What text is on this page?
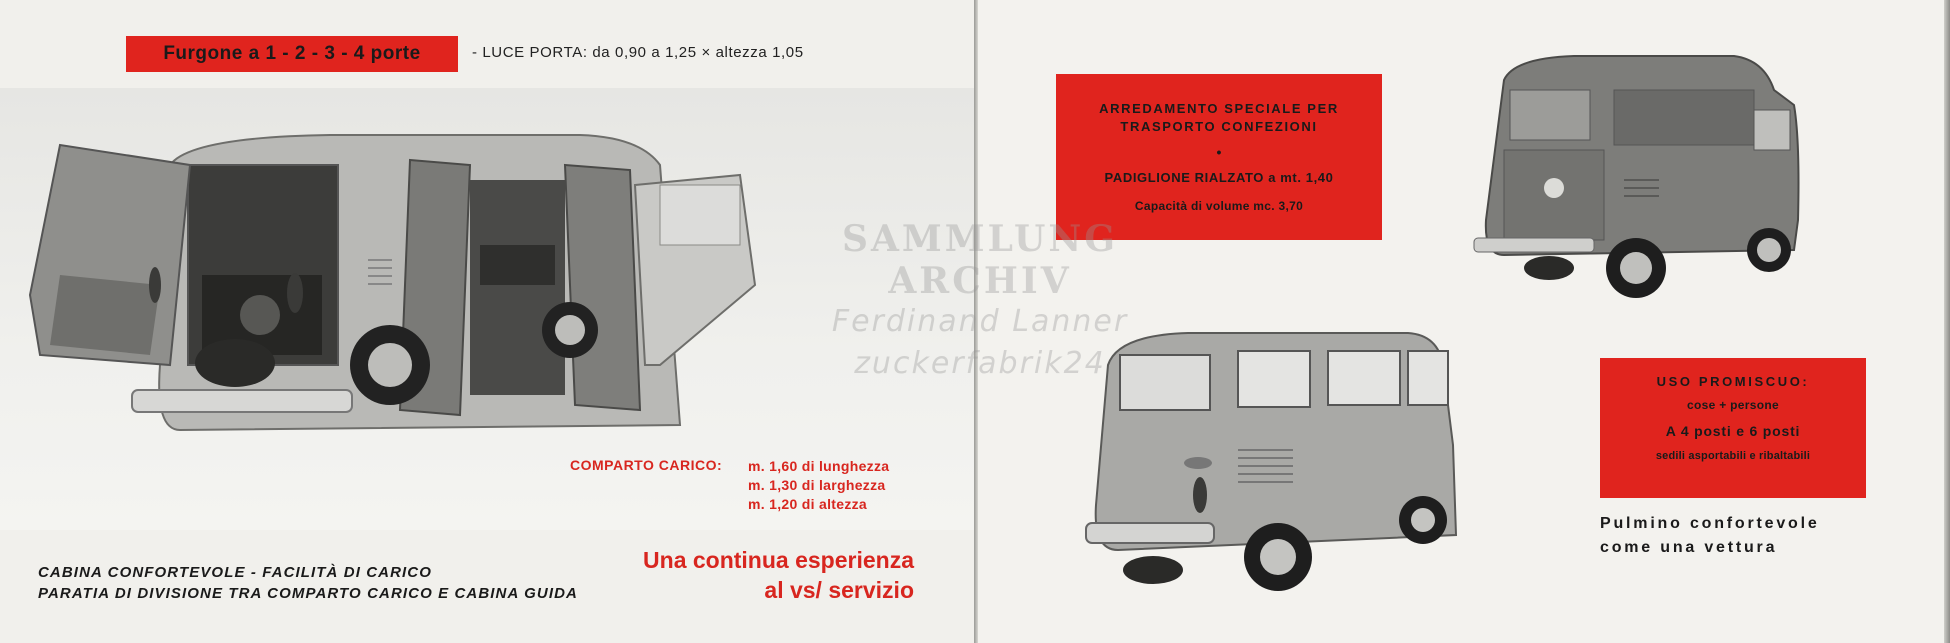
Furgone a 1 - 2 - 3 - 4 porte	- LUCE PORTA: da 0,90 a 1,25 × altezza 1,05
COMPARTO CARICO: m. 1,60 di lunghezza
m. 1,30 di larghezza
m. 1,20 di altezza
CABINA CONFORTEVOLE - FACILITÀ DI CARICO
PARATIA DI DIVISIONE TRA COMPARTO CARICO E CABINA GUIDA
Una continua esperienza
al vs/ servizio
ARREDAMENTO SPECIALE PER
TRASPORTO CONFEZIONI
•
PADIGLIONE RIALZATO a mt. 1,40
Capacità di volume mc. 3,70
USO PROMISCUO:
cose + persone
A 4 posti e 6 posti
sedili asportabili e ribaltabili
Pulmino confortevole
come una vettura
SAMMLUNG
ARCHIV
Ferdinand Lanner
zuckerfabrik24
